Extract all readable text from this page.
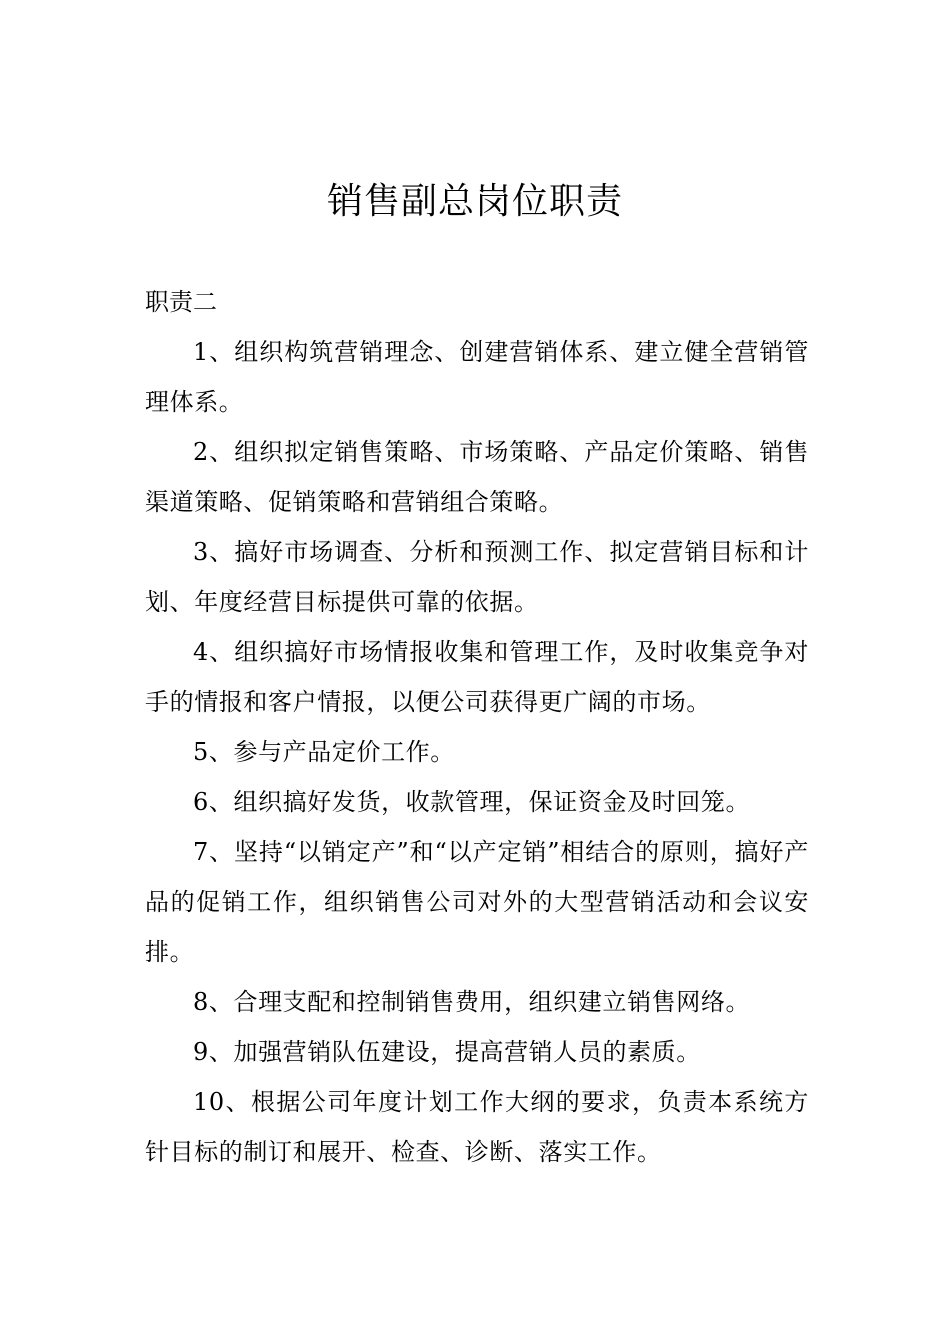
销售副总岗位职责

职责二

1、组织构筑营销理念、创建营销体系、建立健全营销管理体系。
2、组织拟定销售策略、市场策略、产品定价策略、销售渠道策略、促销策略和营销组合策略。
3、搞好市场调查、分析和预测工作、拟定营销目标和计划、年度经营目标提供可靠的依据。
4、组织搞好市场情报收集和管理工作，及时收集竞争对手的情报和客户情报，以便公司获得更广阔的市场。
5、参与产品定价工作。
6、组织搞好发货，收款管理，保证资金及时回笼。
7、坚持“以销定产”和“以产定销”相结合的原则，搞好产品的促销工作，组织销售公司对外的大型营销活动和会议安排。
8、合理支配和控制销售费用，组织建立销售网络。
9、加强营销队伍建设，提高营销人员的素质。
10、根据公司年度计划工作大纲的要求，负责本系统方针目标的制订和展开、检查、诊断、落实工作。
